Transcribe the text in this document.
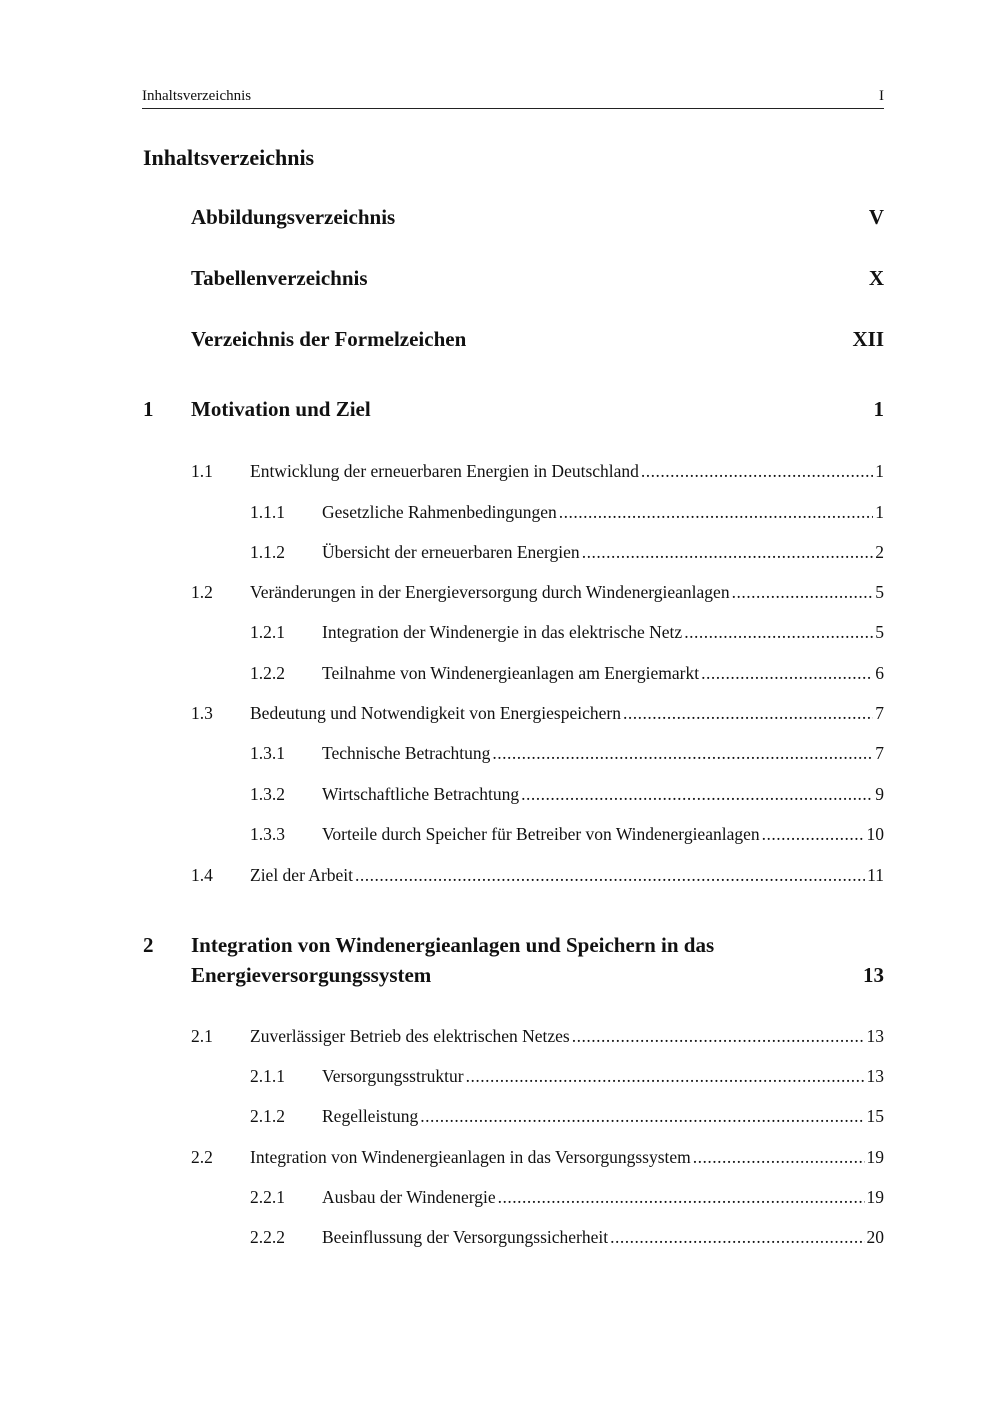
Inhaltsverzeichnis	I
Inhaltsverzeichnis
Abbildungsverzeichnis	V
Tabellenverzeichnis	X
Verzeichnis der Formelzeichen	XII
1	Motivation und Ziel	1
1.1	Entwicklung der erneuerbaren Energien in Deutschland .....	1
1.1.1	Gesetzliche Rahmenbedingungen .....	1
1.1.2	Übersicht der erneuerbaren Energien .....	2
1.2	Veränderungen in der Energieversorgung durch Windenergieanlagen .....	5
1.2.1	Integration der Windenergie in das elektrische Netz .....	5
1.2.2	Teilnahme von Windenergieanlagen am Energiemarkt .....	6
1.3	Bedeutung und Notwendigkeit von Energiespeichern .....	7
1.3.1	Technische Betrachtung .....	7
1.3.2	Wirtschaftliche Betrachtung .....	9
1.3.3	Vorteile durch Speicher für Betreiber von Windenergieanlagen .....	10
1.4	Ziel der Arbeit .....	11
2	Integration von Windenergieanlagen und Speichern in das
Energieversorgungssystem	13
2.1	Zuverlässiger Betrieb des elektrischen Netzes .....	13
2.1.1	Versorgungsstruktur .....	13
2.1.2	Regelleistung .....	15
2.2	Integration von Windenergieanlagen in das Versorgungssystem .....	19
2.2.1	Ausbau der Windenergie .....	19
2.2.2	Beeinflussung der Versorgungssicherheit .....	20
